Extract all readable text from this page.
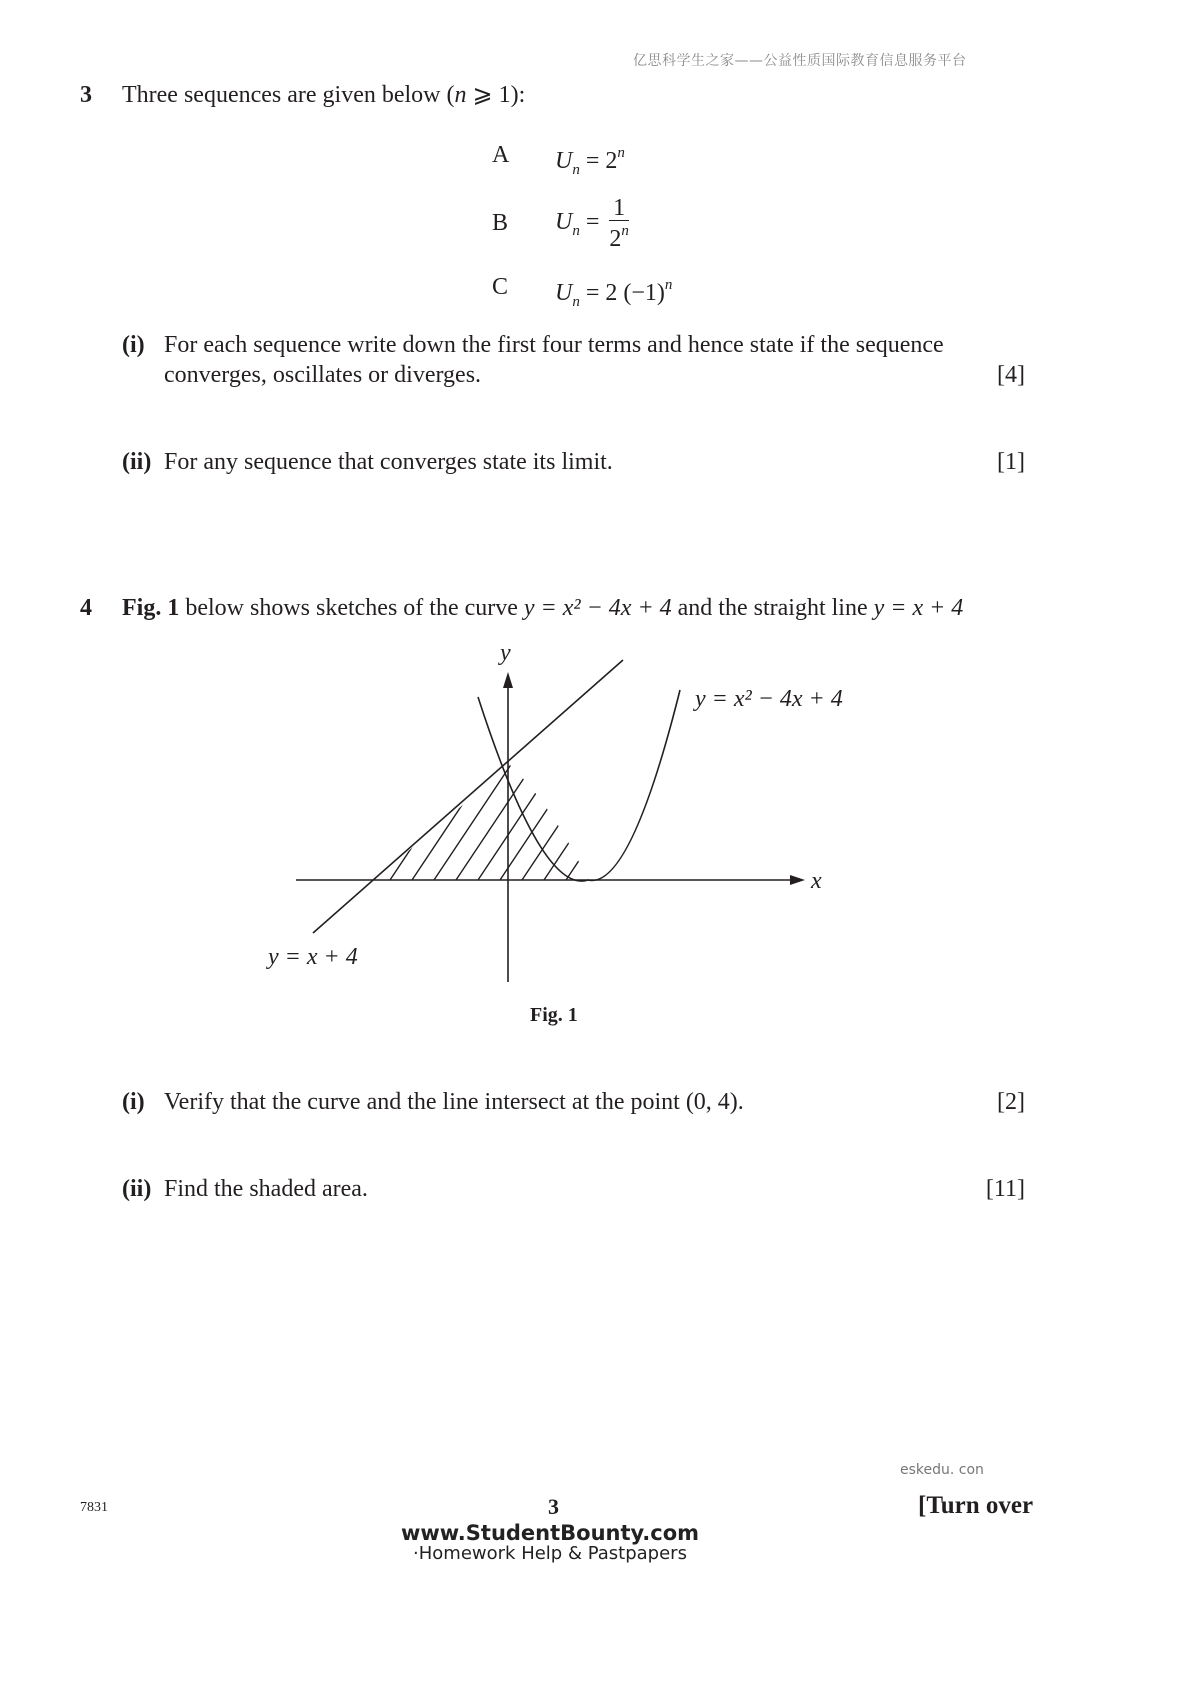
亿思科学生之家——公益性质国际教育信息服务平台
3 Three sequences are given below (n ⩾ 1):
A $U_n = 2^n$
B $U_n = \frac{1}{2^n}$
C $U_n = 2$ $(-1)^n$
(i) For each sequence write down the first four terms and hence state if the sequence
converges, oscillates or diverges.	[4]
(ii) For any sequence that converges state its limit.	[1]
4 Fig. 1 below shows sketches of the curve y = x² − 4x + 4 and the straight line y = x + 4
y
x
y = x² − 4x + 4
y = x + 4
Fig. 1
(i) Verify that the curve and the line intersect at the point (0, 4).	[2]
(ii) Find the shaded area.	[11]
eskedu. con
7831	3	[Turn over
www.StudentBounty.com
·Homework Help & Pastpapers
